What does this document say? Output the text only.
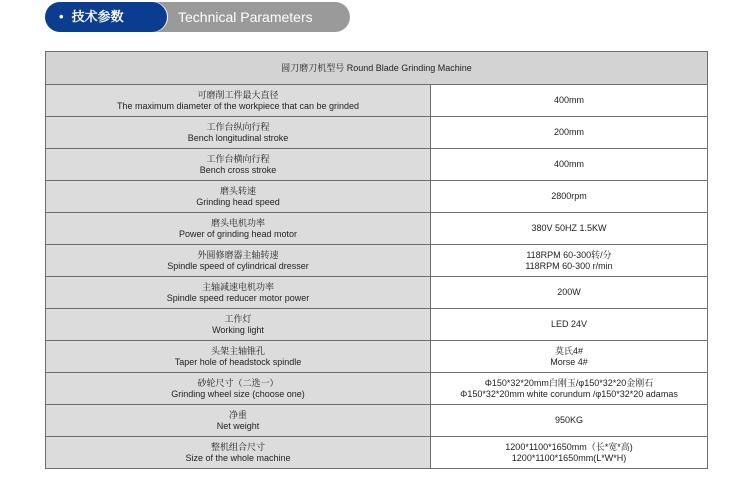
Technical Parameters
• 技术参数
圆刀磨刀机型号 Round Blade Grinding Machine	

可磨削工件最大直径
The maximum diameter of the workpiece that can be grinded	400mm

工作台纵向行程
Bench longitudinal stroke	200mm

工作台横向行程
Bench cross stroke	400mm

磨头转速
Grinding head speed	2800rpm

磨头电机功率
Power of grinding head motor	380V 50HZ 1.5KW

外圆修磨器主轴转速
Spindle speed of cylindrical dresser	118RPM 60-300转/分
118RPM 60-300 r/min

主轴减速电机功率
Spindle speed reducer motor power	200W

工作灯
Working light	LED 24V

头架主轴锥孔
Taper hole of headstock spindle	莫氏4#
Morse 4#

砂轮尺寸（二选一）
Grinding wheel size (choose one)	Φ150*32*20mm白刚玉/φ150*32*20金刚石
Φ150*32*20mm white corundum /φ150*32*20 adamas

净重
Net weight	950KG

整机组合尺寸
Size of the whole machine	1200*1100*1650mm（长*宽*高)
1200*1100*1650mm(L*W*H)
